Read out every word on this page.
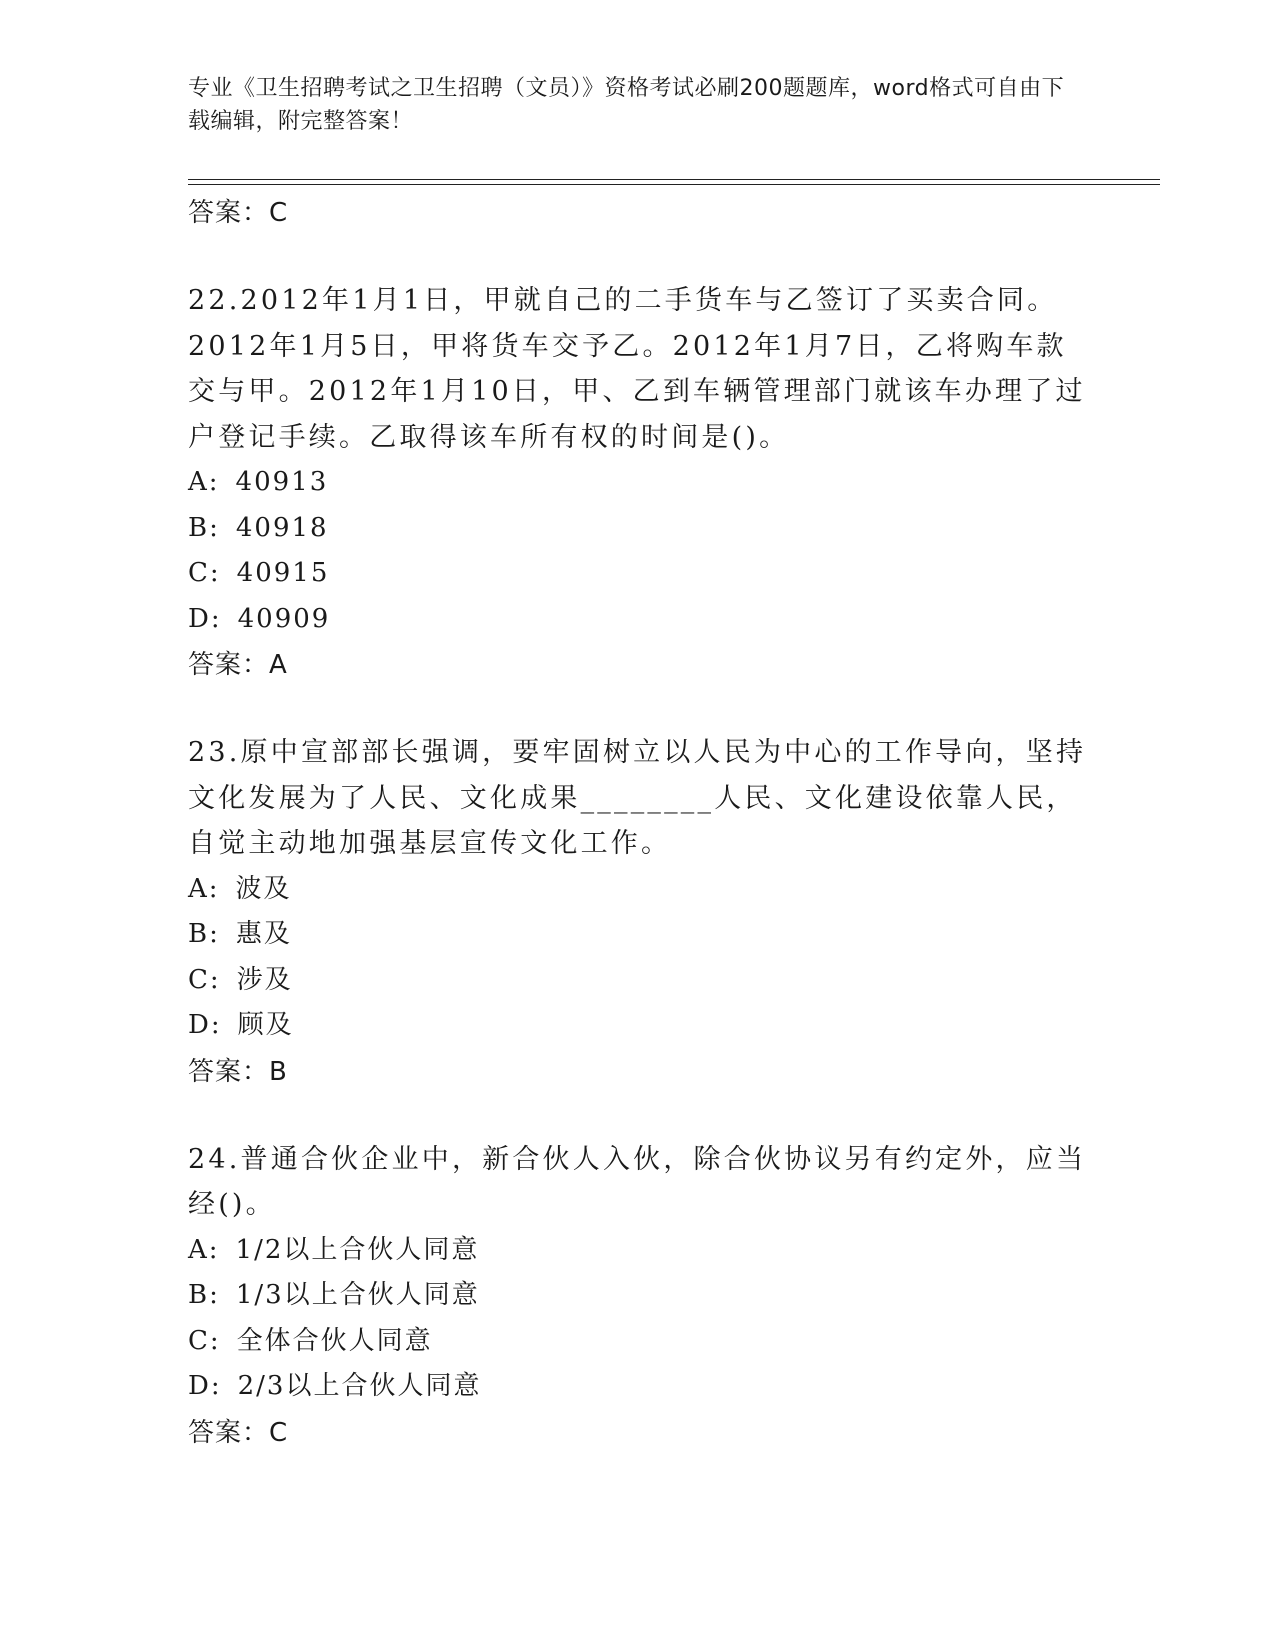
专业《卫生招聘考试之卫生招聘（文员）》资格考试必刷200题题库，word格式可自由下载编辑，附完整答案！
答案：C

22.2012年1月1日，甲就自己的二手货车与乙签订了买卖合同。2012年1月5日，甲将货车交予乙。2012年1月7日，乙将购车款交与甲。2012年1月10日，甲、乙到车辆管理部门就该车办理了过户登记手续。乙取得该车所有权的时间是()。

A: 40913
B: 40918
C: 40915
D: 40909
答案：A

23.原中宣部部长强调，要牢固树立以人民为中心的工作导向，坚持文化发展为了人民、文化成果________人民、文化建设依靠人民，自觉主动地加强基层宣传文化工作。

A: 波及
B: 惠及
C: 涉及
D: 顾及
答案：B

24.普通合伙企业中，新合伙人入伙，除合伙协议另有约定外，应当经()。

A: 1/2以上合伙人同意
B: 1/3以上合伙人同意
C: 全体合伙人同意
D: 2/3以上合伙人同意
答案：C
